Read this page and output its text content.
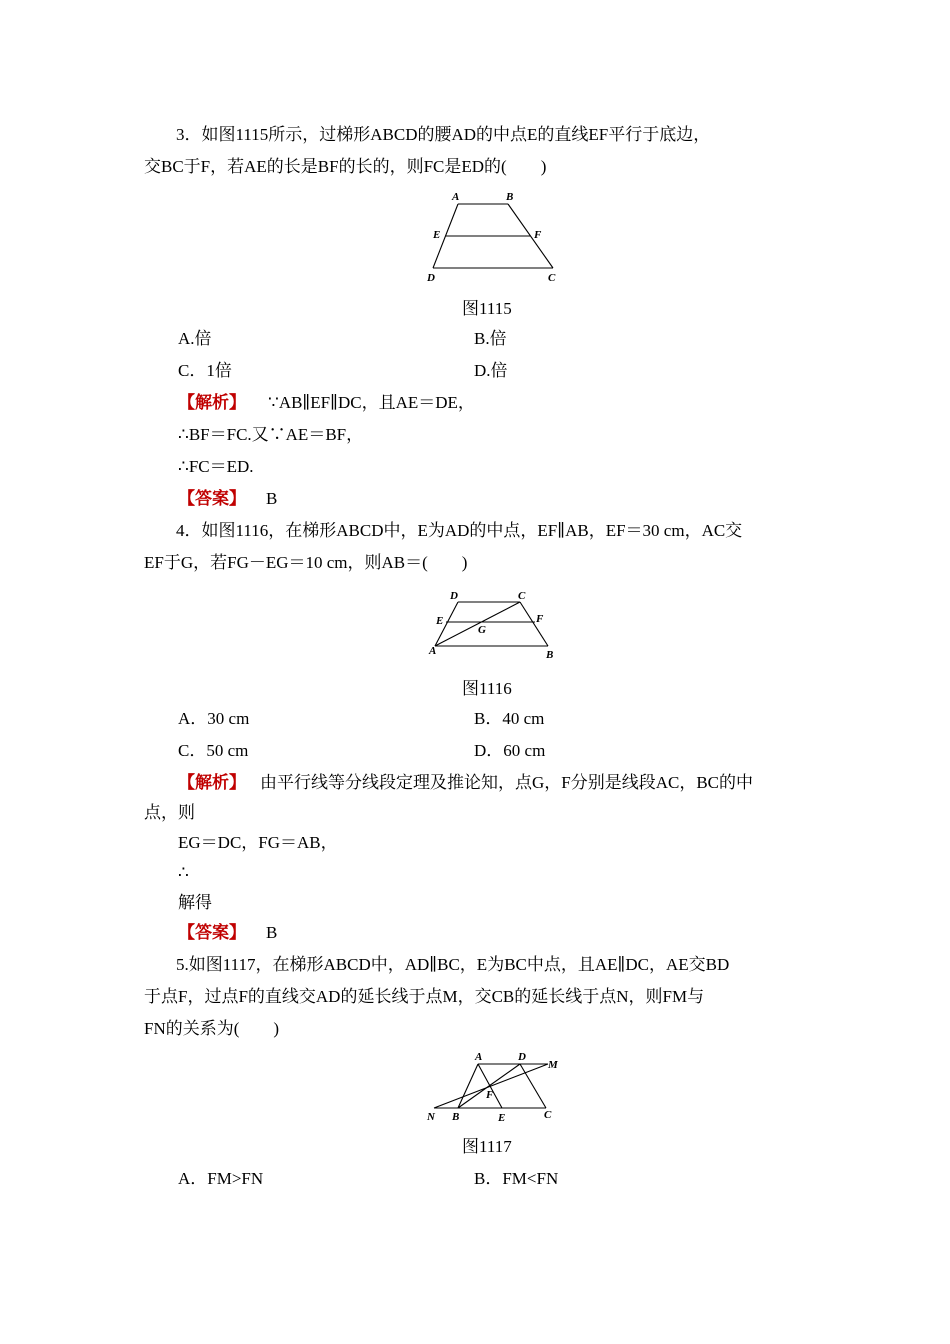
3．如图1115所示，过梯形ABCD的腰AD的中点E的直线EF平行于底边，
交BC于F，若AE的长是BF的长的，则FC是ED的(　　)
A	B
E	F
D	C
图1115
A.倍	B.倍
C．1倍	D.倍
【解析】 ∵AB∥EF∥DC，且AE＝DE，
∴BF＝FC.又∵AE＝BF，
∴FC＝ED.
【答案】 B
4．如图1116，在梯形ABCD中，E为AD的中点，EF∥AB，EF＝30 cm，AC交
EF于G，若FG－EG＝10 cm，则AB＝(　　)
D	C
E	F
G
A	B
图1116
A．30 cm	B．40 cm
C．50 cm	D．60 cm
【解析】 由平行线等分线段定理及推论知，点G，F分别是线段AC，BC的中
点，则
EG＝DC，FG＝AB，
∴
解得
【答案】 B
5.如图1117，在梯形ABCD中，AD∥BC，E为BC中点，且AE∥DC，AE交BD
于点F，过点F的直线交AD的延长线于点M，交CB的延长线于点N，则FM与
FN的关系为(　　)
A	D
M
F
N B	E	C
图1117
A．FM>FN	B．FM<FN
